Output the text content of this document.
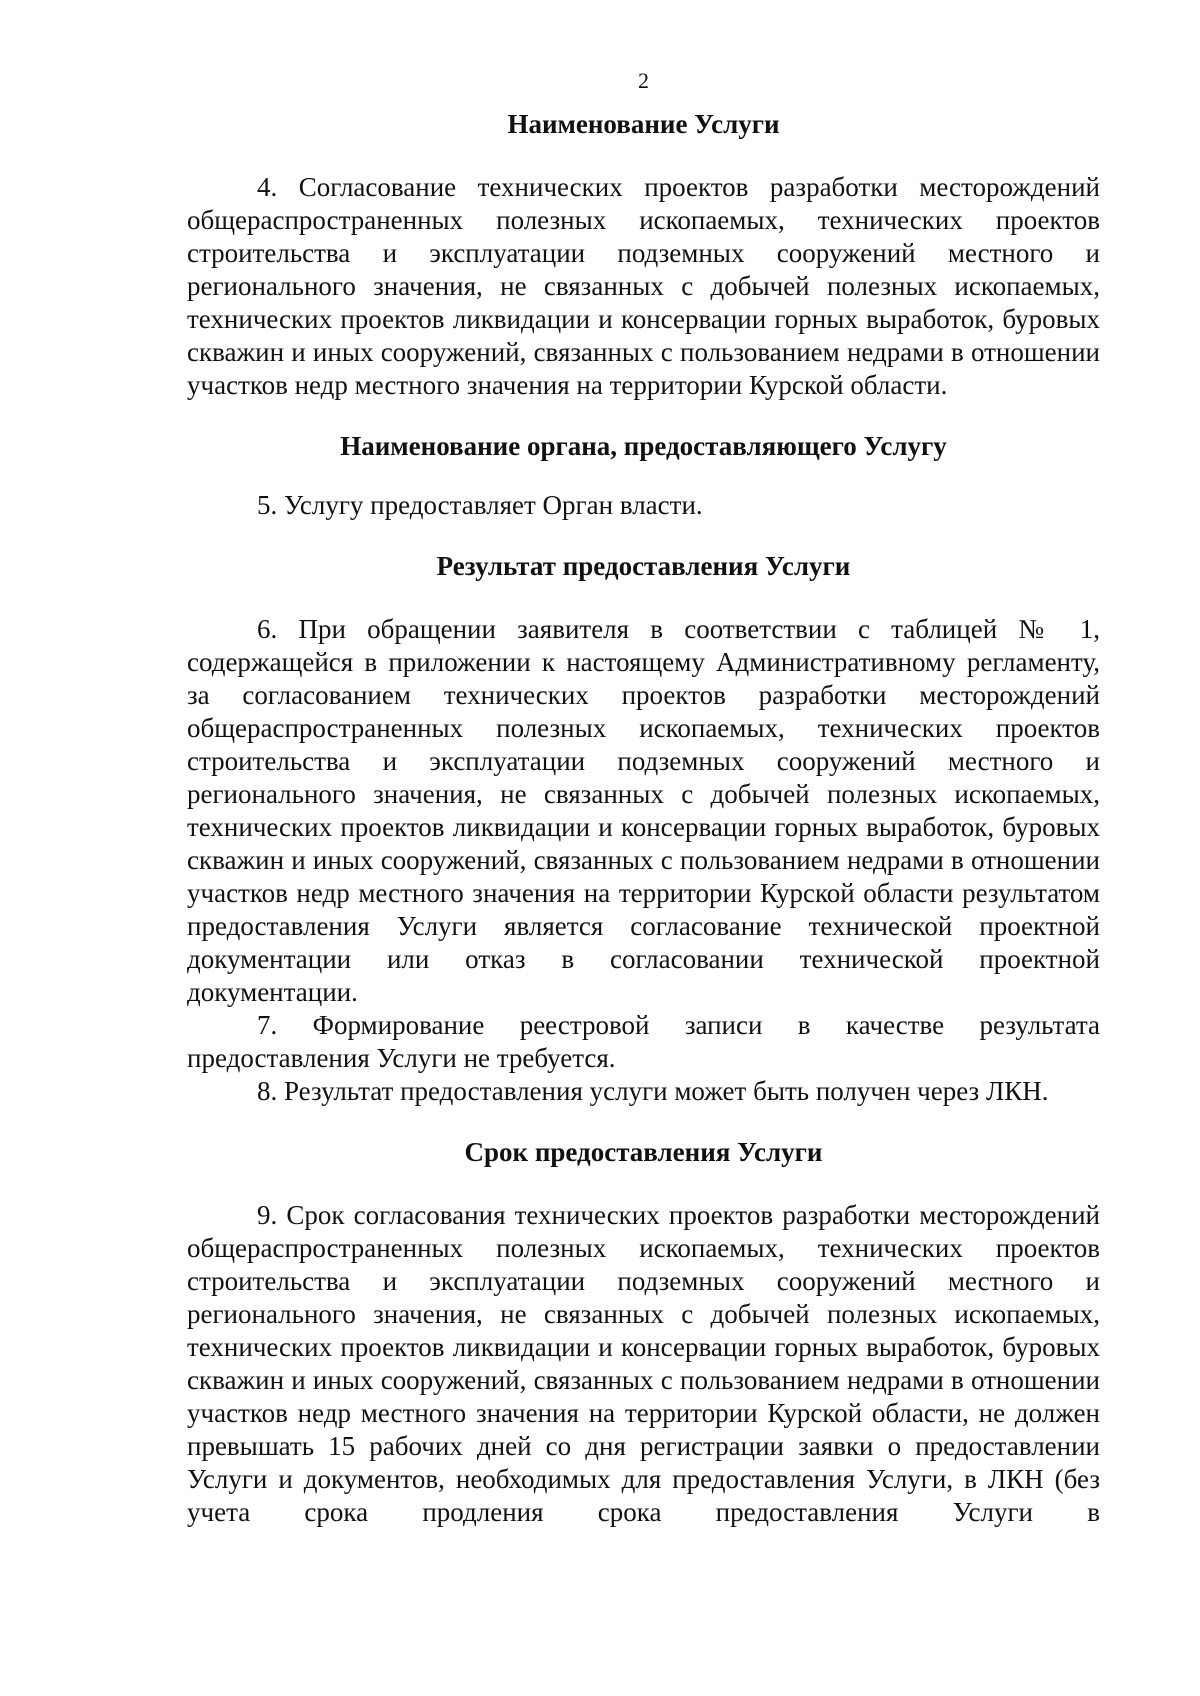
2
Наименование Услуги

4. Согласование технических проектов разработки месторождений общераспространенных полезных ископаемых, технических проектов строительства и эксплуатации подземных сооружений местного и регионального значения, не связанных с добычей полезных ископаемых, технических проектов ликвидации и консервации горных выработок, буровых скважин и иных сооружений, связанных с пользованием недрами в отношении участков недр местного значения на территории Курской области.

Наименование органа, предоставляющего Услугу

5. Услугу предоставляет Орган власти.

Результат предоставления Услуги

6. При обращении заявителя в соответствии с таблицей № 1, содержащейся в приложении к настоящему Административному регламенту, за согласованием технических проектов разработки месторождений общераспространенных полезных ископаемых, технических проектов строительства и эксплуатации подземных сооружений местного и регионального значения, не связанных с добычей полезных ископаемых, технических проектов ликвидации и консервации горных выработок, буровых скважин и иных сооружений, связанных с пользованием недрами в отношении участков недр местного значения на территории Курской области результатом предоставления Услуги является согласование технической проектной документации или отказ в согласовании технической проектной документации.

7. Формирование реестровой записи в качестве результата предоставления Услуги не требуется.

8. Результат предоставления услуги может быть получен через ЛКН.

Срок предоставления Услуги

9. Срок согласования технических проектов разработки месторождений общераспространенных полезных ископаемых, технических проектов строительства и эксплуатации подземных сооружений местного и регионального значения, не связанных с добычей полезных ископаемых, технических проектов ликвидации и консервации горных выработок, буровых скважин и иных сооружений, связанных с пользованием недрами в отношении участков недр местного значения на территории Курской области, не должен превышать 15 рабочих дней со дня регистрации заявки о предоставлении Услуги и документов, необходимых для предоставления Услуги, в ЛКН (без учета срока продления срока предоставления Услуги в
